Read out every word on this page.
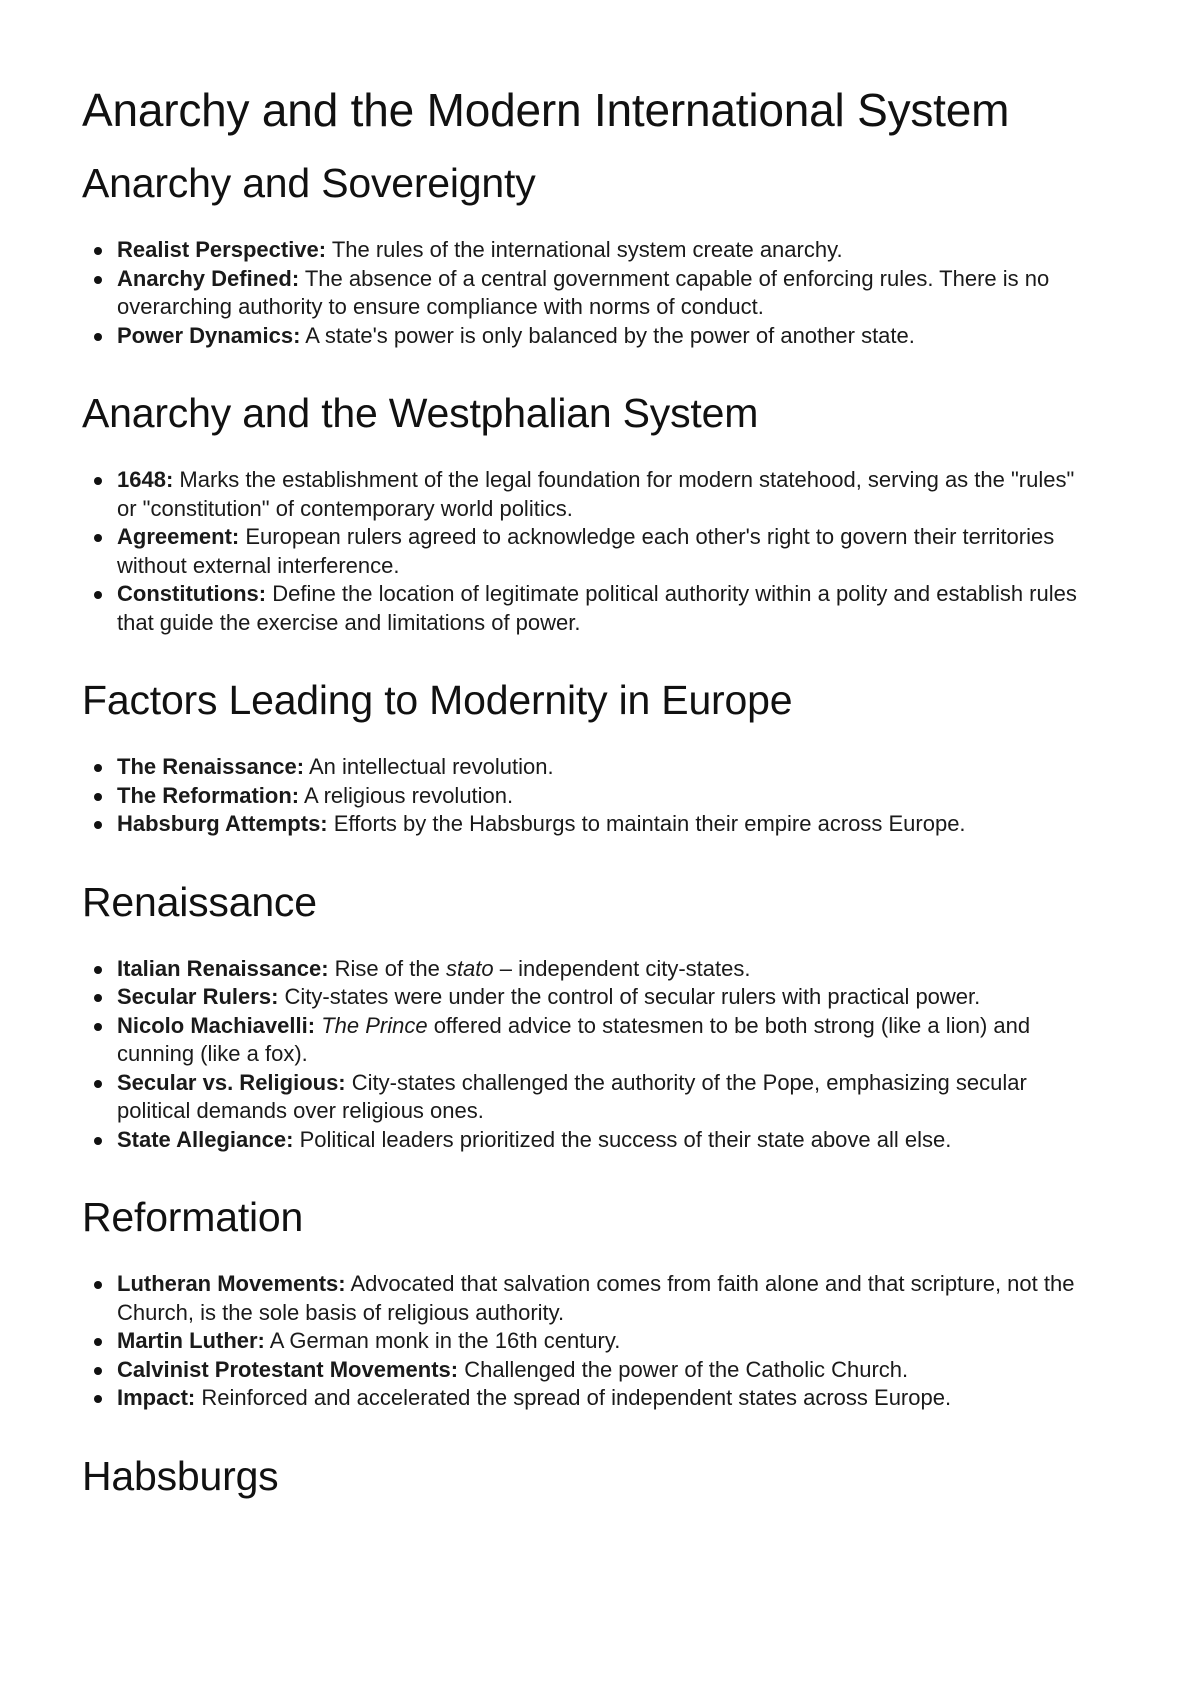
Anarchy and the Modern International System
Anarchy and Sovereignty
Realist Perspective: The rules of the international system create anarchy.
Anarchy Defined: The absence of a central government capable of enforcing rules. There is no overarching authority to ensure compliance with norms of conduct.
Power Dynamics: A state's power is only balanced by the power of another state.
Anarchy and the Westphalian System
1648: Marks the establishment of the legal foundation for modern statehood, serving as the "rules" or "constitution" of contemporary world politics.
Agreement: European rulers agreed to acknowledge each other's right to govern their territories without external interference.
Constitutions: Define the location of legitimate political authority within a polity and establish rules that guide the exercise and limitations of power.
Factors Leading to Modernity in Europe
The Renaissance: An intellectual revolution.
The Reformation: A religious revolution.
Habsburg Attempts: Efforts by the Habsburgs to maintain their empire across Europe.
Renaissance
Italian Renaissance: Rise of the stato – independent city-states.
Secular Rulers: City-states were under the control of secular rulers with practical power.
Nicolo Machiavelli: The Prince offered advice to statesmen to be both strong (like a lion) and cunning (like a fox).
Secular vs. Religious: City-states challenged the authority of the Pope, emphasizing secular political demands over religious ones.
State Allegiance: Political leaders prioritized the success of their state above all else.
Reformation
Lutheran Movements: Advocated that salvation comes from faith alone and that scripture, not the Church, is the sole basis of religious authority.
Martin Luther: A German monk in the 16th century.
Calvinist Protestant Movements: Challenged the power of the Catholic Church.
Impact: Reinforced and accelerated the spread of independent states across Europe.
Habsburgs
